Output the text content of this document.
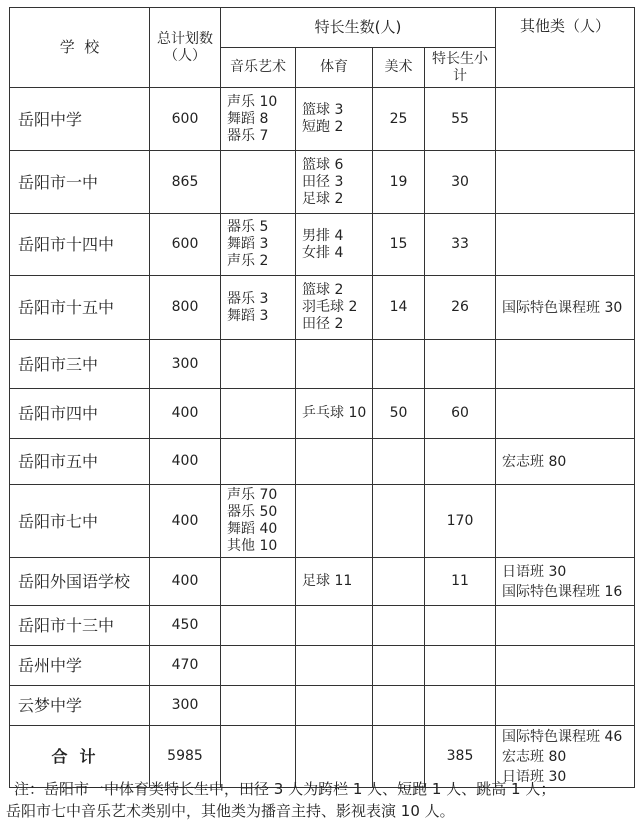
学  校	总计划数
（人）	特长生数(人)				其他类（人）
		音乐艺术	体育	美术	特长生小
计	

岳阳中学	600	声乐 10
舞蹈 8
器乐 7	篮球 3
短跑 2	25	55	
岳阳市一中	865		篮球 6
田径 3
足球 2	19	30	
岳阳市十四中	600	器乐 5
舞蹈 3
声乐 2	男排 4
女排 4	15	33	
岳阳市十五中	800	器乐 3
舞蹈 3	篮球 2
羽毛球 2
田径 2	14	26	国际特色课程班 30

岳阳市三中	300					
岳阳市四中	400		乒乓球 10	50	60	
岳阳市五中	400					宏志班 80

岳阳市七中	400	声乐 70
器乐 50
舞蹈 40
其他 10			170	
岳阳外国语学校	400		足球 11		11	日语班 30
国际特色课程班 16

岳阳市十三中	450					
岳州中学	470					
云梦中学	300					
合计	5985				385	国际特色课程班 46
宏志班 80
日语班 30
注：岳阳市一中体育类特长生中，田径 3 人为跨栏 1 人、短跑 1 人、跳高 1 人；
岳阳市七中音乐艺术类别中，其他类为播音主持、影视表演 10 人。
